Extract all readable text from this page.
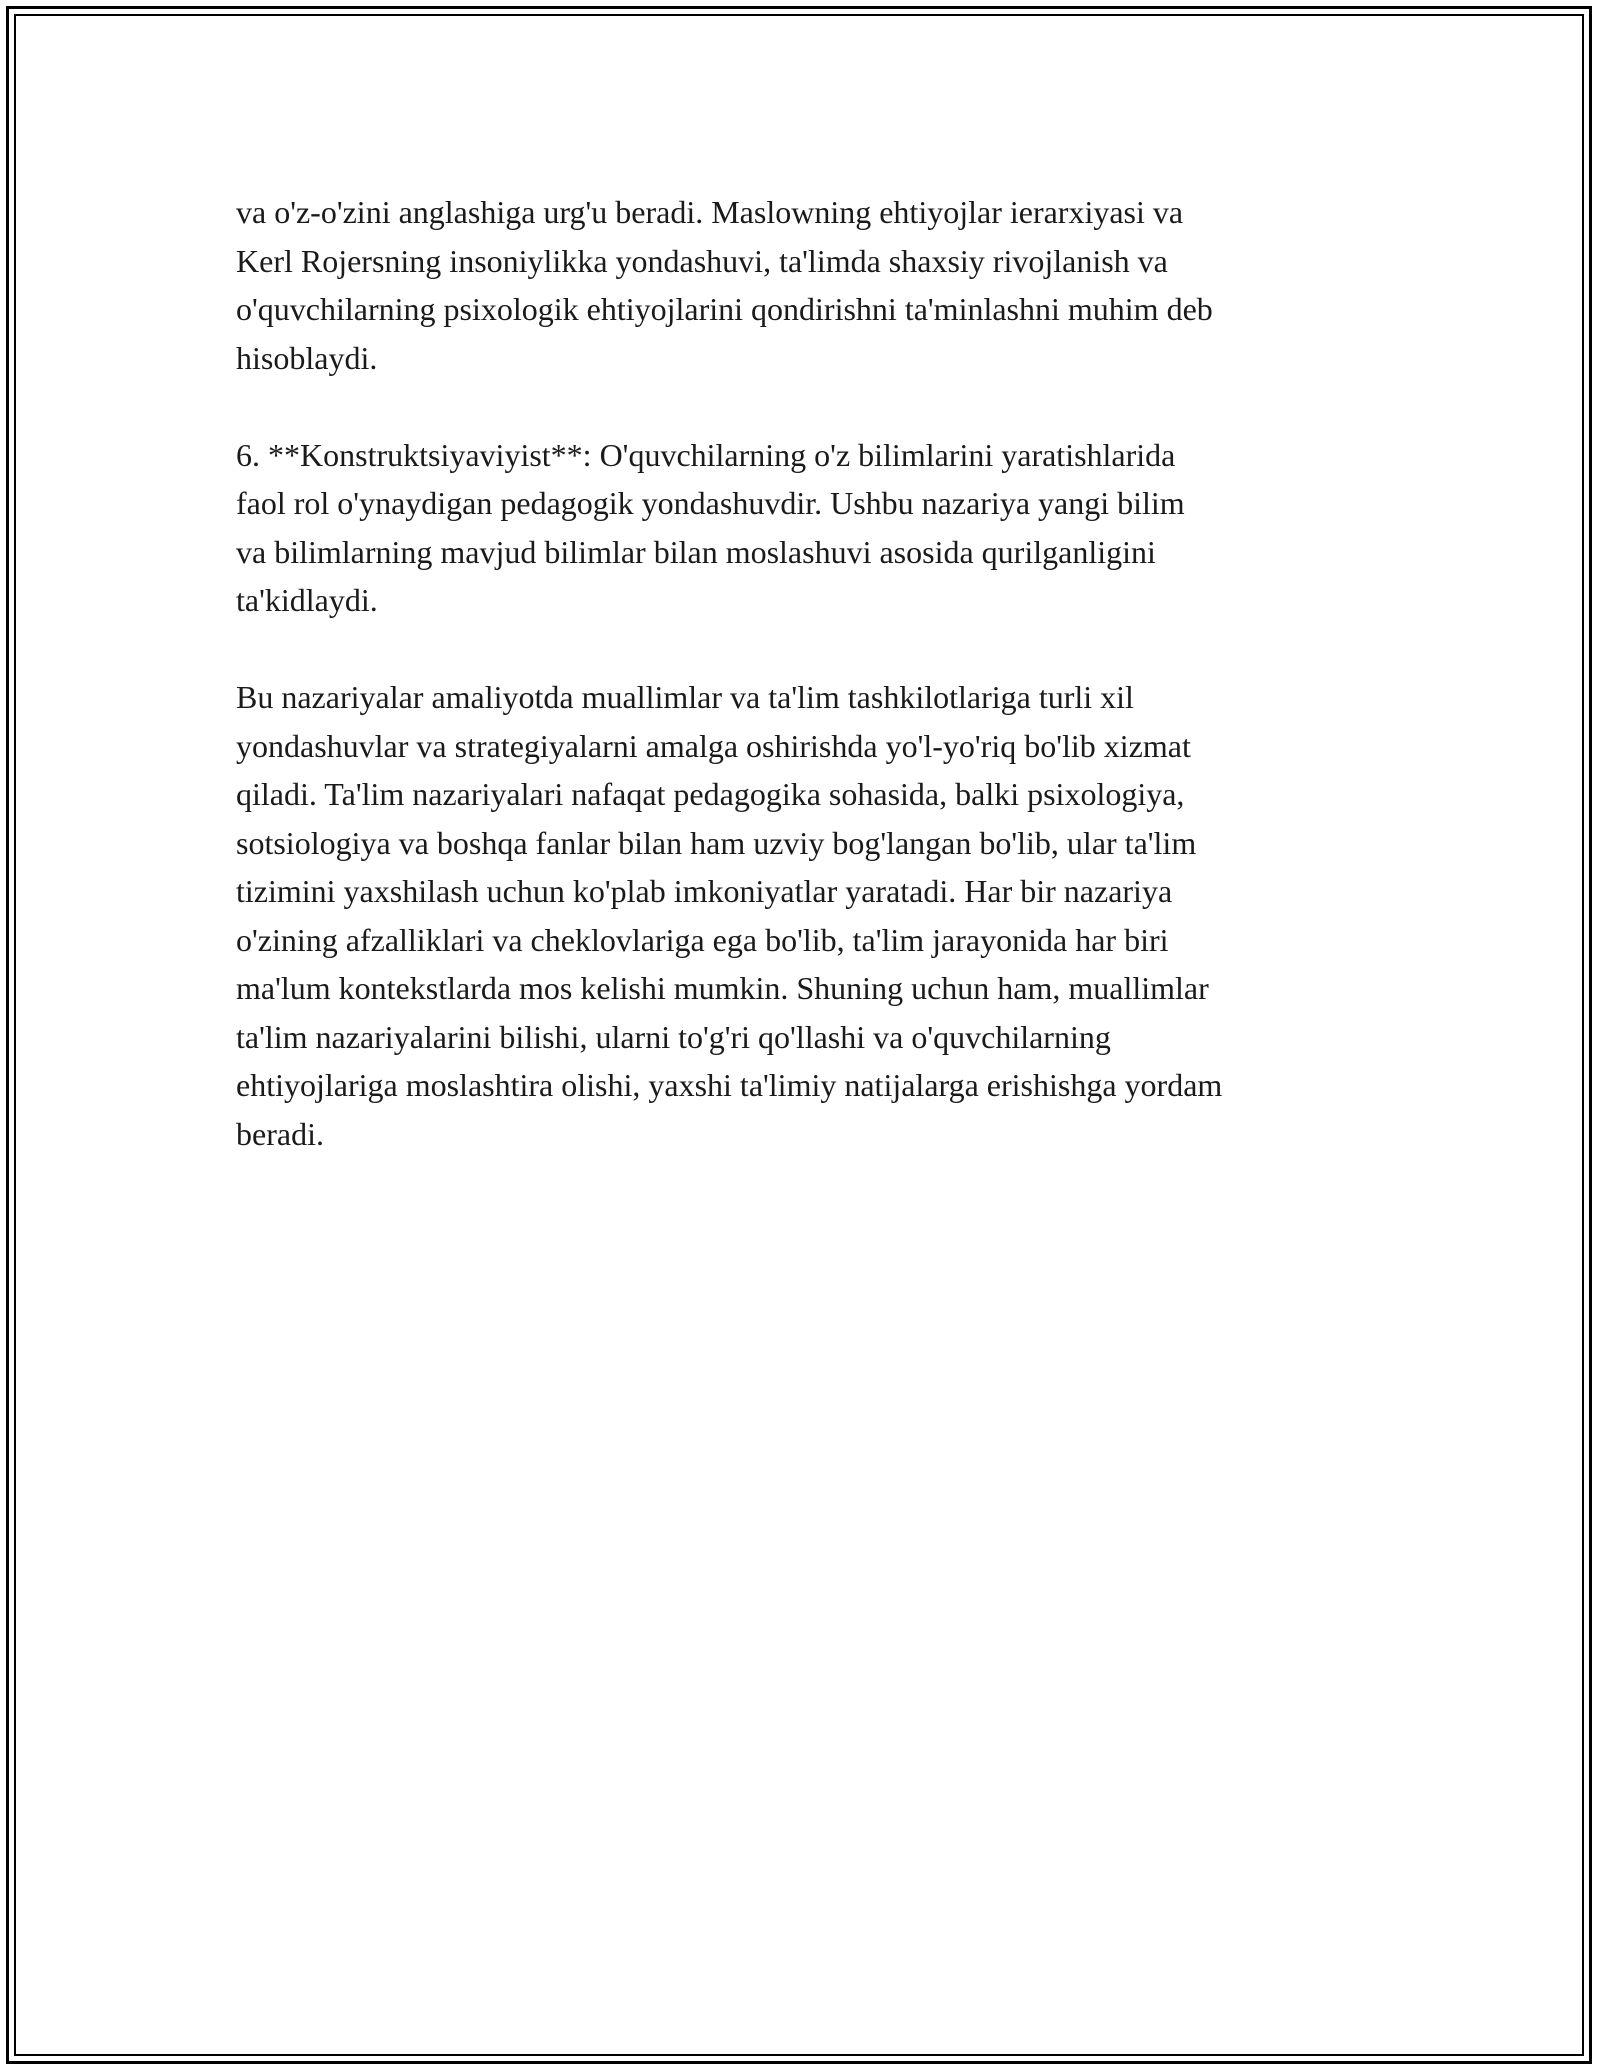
va o'z-o'zini anglashiga urg'u beradi. Maslowning ehtiyojlar ierarxiyasi va
Kerl Rojersning insoniylikka yondashuvi, ta'limda shaxsiy rivojlanish va
o'quvchilarning psixologik ehtiyojlarini qondirishni ta'minlashni muhim deb
hisoblaydi.

6. **Konstruktsiyaviyist**: O'quvchilarning o'z bilimlarini yaratishlarida
faol rol o'ynaydigan pedagogik yondashuvdir. Ushbu nazariya yangi bilim
va bilimlarning mavjud bilimlar bilan moslashuvi asosida qurilganligini
ta'kidlaydi.

Bu nazariyalar amaliyotda muallimlar va ta'lim tashkilotlariga turli xil
yondashuvlar va strategiyalarni amalga oshirishda yo'l-yo'riq bo'lib xizmat
qiladi. Ta'lim nazariyalari nafaqat pedagogika sohasida, balki psixologiya,
sotsiologiya va boshqa fanlar bilan ham uzviy bog'langan bo'lib, ular ta'lim
tizimini yaxshilash uchun ko'plab imkoniyatlar yaratadi. Har bir nazariya
o'zining afzalliklari va cheklovlariga ega bo'lib, ta'lim jarayonida har biri
ma'lum kontekstlarda mos kelishi mumkin. Shuning uchun ham, muallimlar
ta'lim nazariyalarini bilishi, ularni to'g'ri qo'llashi va o'quvchilarning
ehtiyojlariga moslashtira olishi, yaxshi ta'limiy natijalarga erishishga yordam
beradi.
